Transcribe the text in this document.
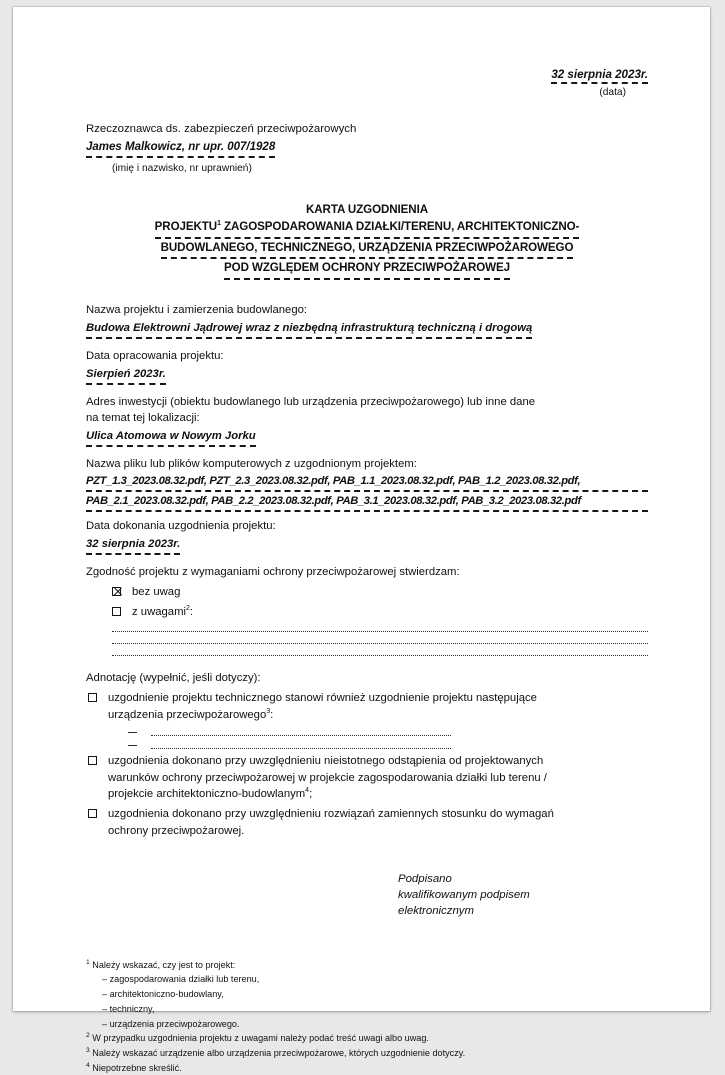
32 sierpnia 2023r.
(data)
Rzeczoznawca ds. zabezpieczeń przeciwpożarowych
James Malkowicz, nr upr. 007/1928
(imię i nazwisko, nr uprawnień)
KARTA UZGODNIENIA
PROJEKTU$^1$ ZAGOSPODAROWANIA DZIAŁKI/TERENU, ARCHITEKTONICZNO-
BUDOWLANEGO, TECHNICZNEGO, URZĄDZENIA PRZECIWPOŻAROWEGO
POD WZGLĘDEM OCHRONY PRZECIWPOŻAROWEJ
Nazwa projektu i zamierzenia budowlanego:
Budowa Elektrowni Jądrowej wraz z niezbędną infrastrukturą techniczną i drogową
Data opracowania projektu:
Sierpień 2023r.
Adres inwestycji (obiektu budowlanego lub urządzenia przeciwpożarowego) lub inne dane
na temat tej lokalizacji:
Ulica Atomowa w Nowym Jorku
Nazwa pliku lub plików komputerowych z uzgodnionym projektem:
PZT_1.3_2023.08.32.pdf, PZT_2.3_2023.08.32.pdf, PAB_1.1_2023.08.32.pdf, PAB_1.2_2023.08.32.pdf,
PAB_2.1_2023.08.32.pdf, PAB_2.2_2023.08.32.pdf, PAB_3.1_2023.08.32.pdf, PAB_3.2_2023.08.32.pdf
Data dokonania uzgodnienia projektu:
32 sierpnia 2023r.
Zgodność projektu z wymaganiami ochrony przeciwpożarowej stwierdzam:
bez uwag
z uwagami$^2$:
Adnotację (wypełnić, jeśli dotyczy):
uzgodnienie projektu technicznego stanowi również uzgodnienie projektu następujące
urządzenia przeciwpożarowego$^3$:
uzgodnienia dokonano przy uwzględnieniu nieistotnego odstąpienia od projektowanych
warunków ochrony przeciwpożarowej w projekcie zagospodarowania działki lub terenu /
projekcie architektoniczno-budowlanym$^4$;
uzgodnienia dokonano przy uwzględnieniu rozwiązań zamiennych stosunku do wymagań
ochrony przeciwpożarowej.
Podpisano
kwalifikowanym podpisem
elektronicznym
$^1$ Należy wskazać, czy jest to projekt:
– zagospodarowania działki lub terenu,
– architektoniczno-budowlany,
– techniczny,
– urządzenia przeciwpożarowego.
$^2$ W przypadku uzgodnienia projektu z uwagami należy podać treść uwagi albo uwag.
$^3$ Należy wskazać urządzenie albo urządzenia przeciwpożarowe, których uzgodnienie dotyczy.
$^4$ Niepotrzebne skreślić.
